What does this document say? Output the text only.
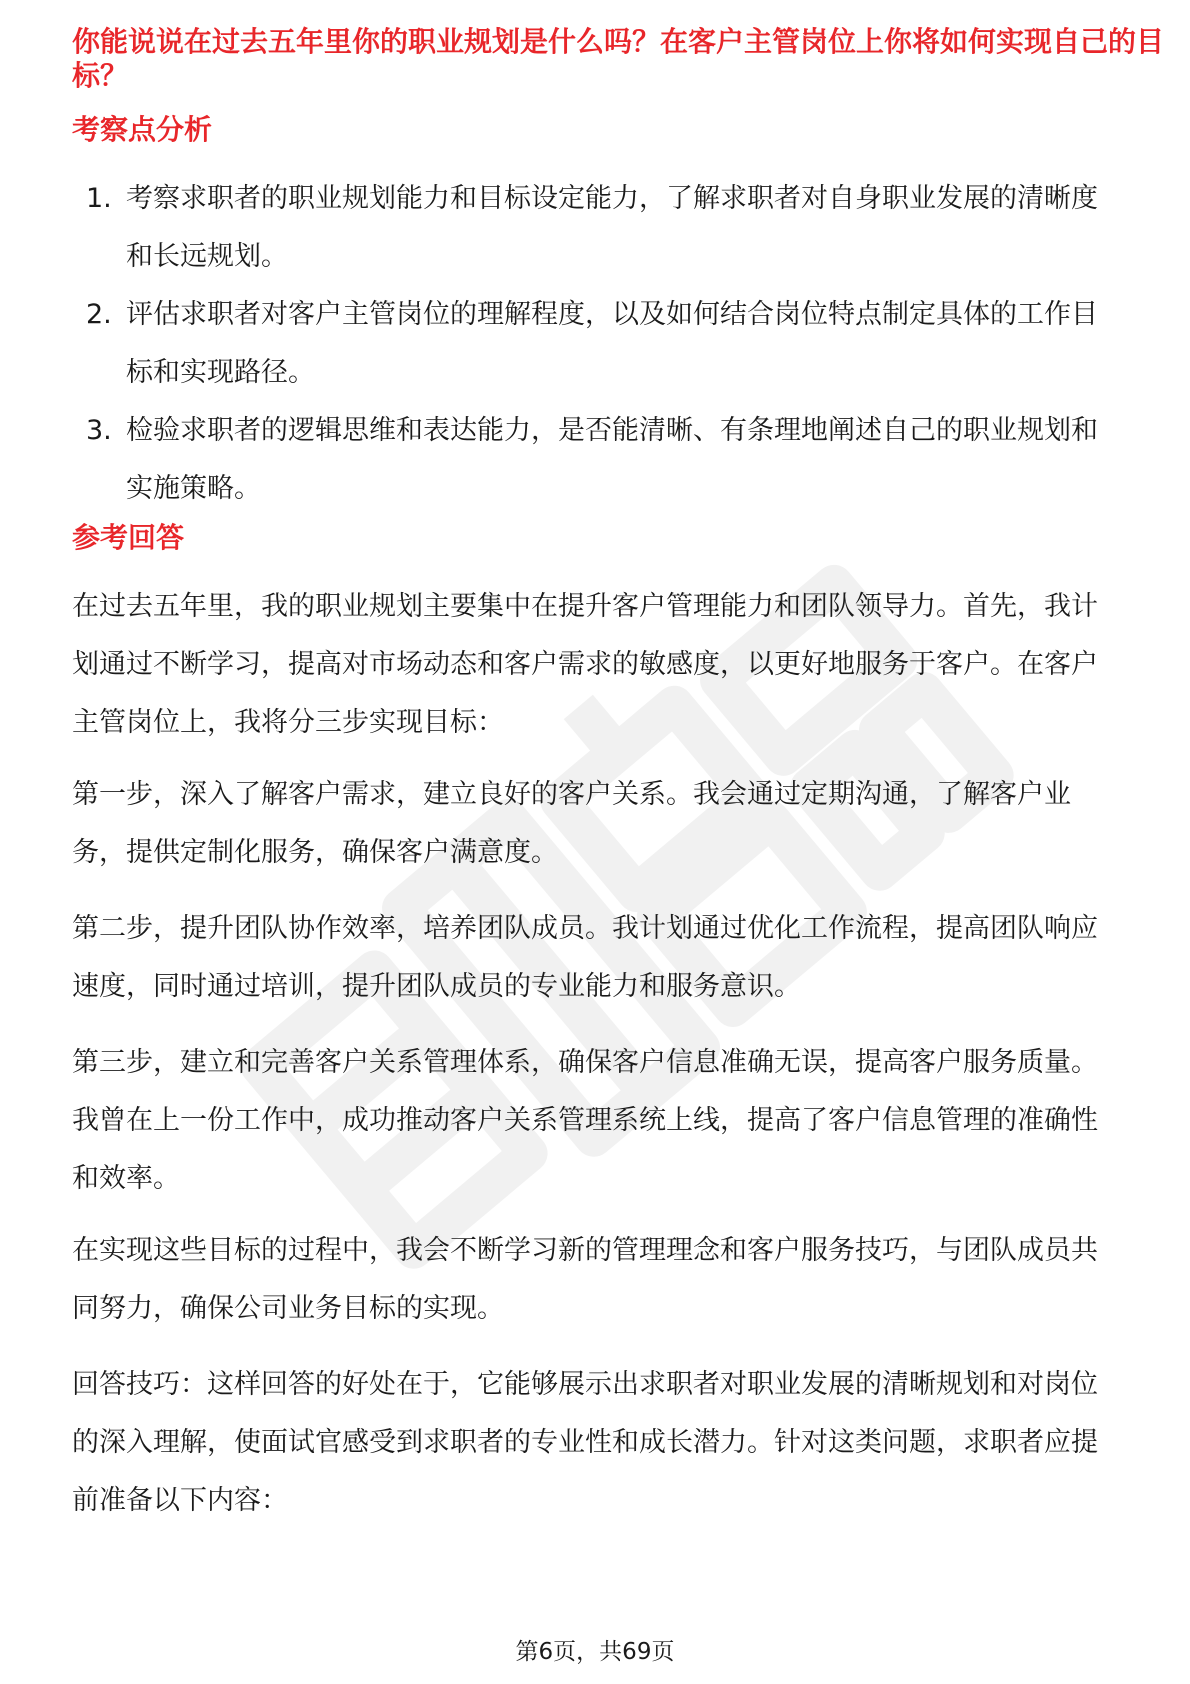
你能说说在过去五年里你的职业规划是什么吗？在客户主管岗位上你将如何实现自己的目
标？
考察点分析
1. 考察求职者的职业规划能力和目标设定能力，了解求职者对自身职业发展的清晰度和长远规划。
2. 评估求职者对客户主管岗位的理解程度，以及如何结合岗位特点制定具体的工作目标和实现路径。
3. 检验求职者的逻辑思维和表达能力，是否能清晰、有条理地阐述自己的职业规划和实施策略。
参考回答

在过去五年里，我的职业规划主要集中在提升客户管理能力和团队领导力。首先，我计划通过不断学习，提高对市场动态和客户需求的敏感度，以更好地服务于客户。在客户主管岗位上，我将分三步实现目标：

第一步，深入了解客户需求，建立良好的客户关系。我会通过定期沟通，了解客户业务，提供定制化服务，确保客户满意度。

第二步，提升团队协作效率，培养团队成员。我计划通过优化工作流程，提高团队响应速度，同时通过培训，提升团队成员的专业能力和服务意识。

第三步，建立和完善客户关系管理体系，确保客户信息准确无误，提高客户服务质量。我曾在上一份工作中，成功推动客户关系管理系统上线，提高了客户信息管理的准确性和效率。

在实现这些目标的过程中，我会不断学习新的管理理念和客户服务技巧，与团队成员共同努力，确保公司业务目标的实现。

回答技巧：这样回答的好处在于，它能够展示出求职者对职业发展的清晰规划和对岗位的深入理解，使面试官感受到求职者的专业性和成长潜力。针对这类问题，求职者应提前准备以下内容：

第6页，共69页
